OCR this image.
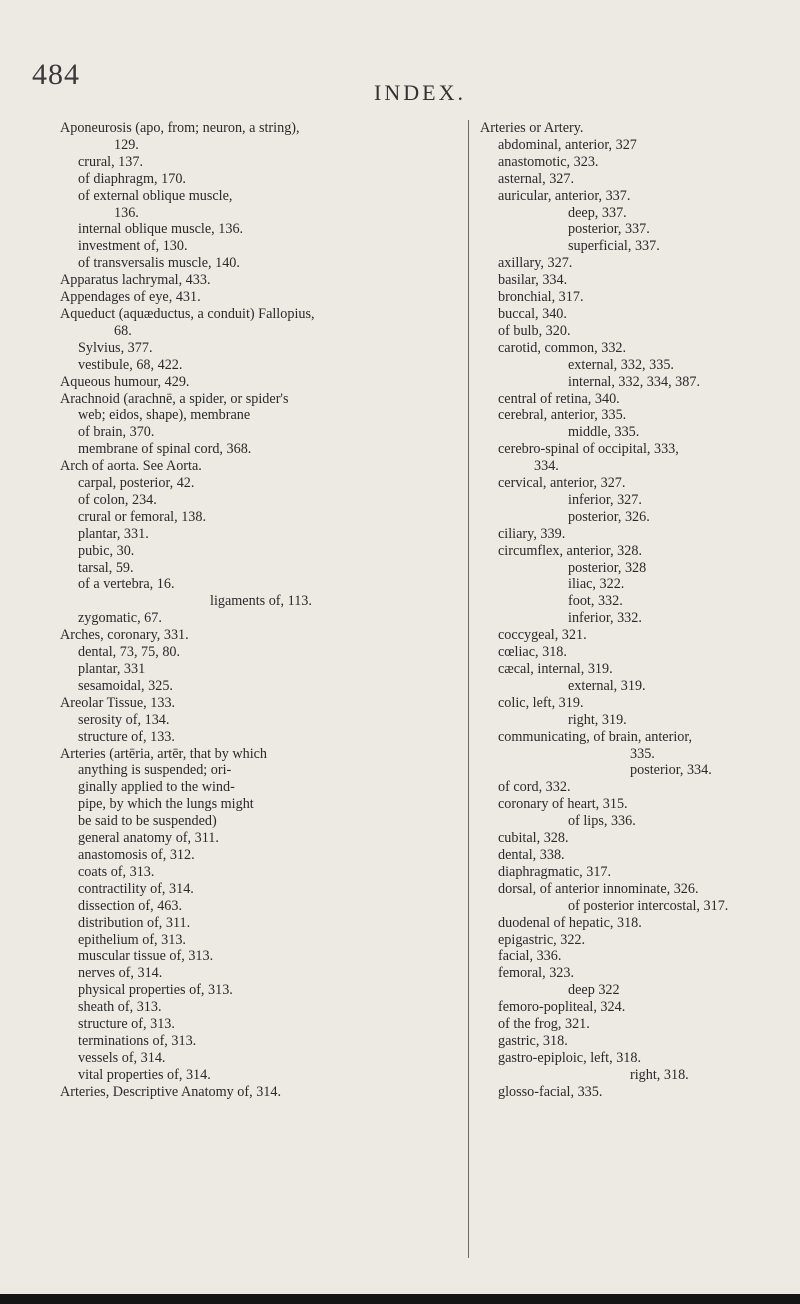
484
INDEX.
Aponeurosis (apo, from; neuron, a string),
129.
crural, 137.
of diaphragm, 170.
of external oblique muscle,
136.
internal oblique muscle, 136.
investment of, 130.
of transversalis muscle, 140.
Apparatus lachrymal, 433.
Appendages of eye, 431.
Aqueduct (aquæductus, a conduit) Fallopius,
68.
Sylvius, 377.
vestibule, 68, 422.
Aqueous humour, 429.
Arachnoid (arachnē, a spider, or spider's
web; eidos, shape), membrane
of brain, 370.
membrane of spinal cord, 368.
Arch of aorta. See Aorta.
carpal, posterior, 42.
of colon, 234.
crural or femoral, 138.
plantar, 331.
pubic, 30.
tarsal, 59.
of a vertebra, 16.
ligaments of, 113.
zygomatic, 67.
Arches, coronary, 331.
dental, 73, 75, 80.
plantar, 331
sesamoidal, 325.
Areolar Tissue, 133.
serosity of, 134.
structure of, 133.
Arteries (artēria, artēr, that by which
anything is suspended; ori-
ginally applied to the wind-
pipe, by which the lungs might
be said to be suspended)
general anatomy of, 311.
anastomosis of, 312.
coats of, 313.
contractility of, 314.
dissection of, 463.
distribution of, 311.
epithelium of, 313.
muscular tissue of, 313.
nerves of, 314.
physical properties of, 313.
sheath of, 313.
structure of, 313.
terminations of, 313.
vessels of, 314.
vital properties of, 314.
Arteries, Descriptive Anatomy of, 314.
Arteries or Artery.
abdominal, anterior, 327
anastomotic, 323.
asternal, 327.
auricular, anterior, 337.
deep, 337.
posterior, 337.
superficial, 337.
axillary, 327.
basilar, 334.
bronchial, 317.
buccal, 340.
of bulb, 320.
carotid, common, 332.
external, 332, 335.
internal, 332, 334, 387.
central of retina, 340.
cerebral, anterior, 335.
middle, 335.
cerebro-spinal of occipital, 333,
334.
cervical, anterior, 327.
inferior, 327.
posterior, 326.
ciliary, 339.
circumflex, anterior, 328.
posterior, 328
iliac, 322.
foot, 332.
inferior, 332.
coccygeal, 321.
cœliac, 318.
cæcal, internal, 319.
external, 319.
colic, left, 319.
right, 319.
communicating, of brain, anterior,
335.
posterior, 334.
of cord, 332.
coronary of heart, 315.
of lips, 336.
cubital, 328.
dental, 338.
diaphragmatic, 317.
dorsal, of anterior innominate, 326.
of posterior intercostal, 317.
duodenal of hepatic, 318.
epigastric, 322.
facial, 336.
femoral, 323.
deep 322
femoro-popliteal, 324.
of the frog, 321.
gastric, 318.
gastro-epiploic, left, 318.
right, 318.
glosso-facial, 335.
